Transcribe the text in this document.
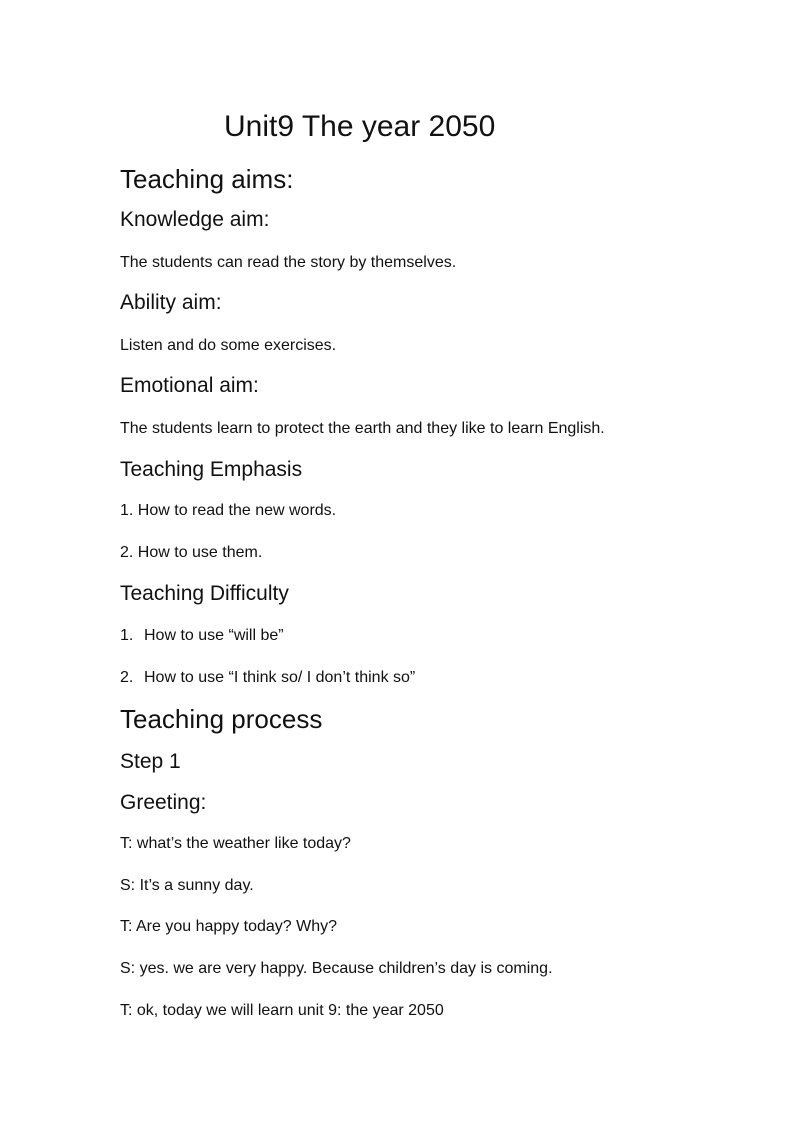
Unit9 The year 2050
Teaching aims:
Knowledge aim:
The students can read the story by themselves.
Ability aim:
Listen and do some exercises.
Emotional aim:
The students learn to protect the earth and they like to learn English.
Teaching Emphasis
1. How to read the new words.
2. How to use them.
Teaching Difficulty
1. How to use “will be”
2. How to use “I think so/ I don’t think so”
Teaching process
Step 1
Greeting:
T: what’s the weather like today?
S: It’s a sunny day.
T: Are you happy today? Why?
S: yes. we are very happy. Because children’s day is coming.
T: ok, today we will learn unit 9: the year 2050
